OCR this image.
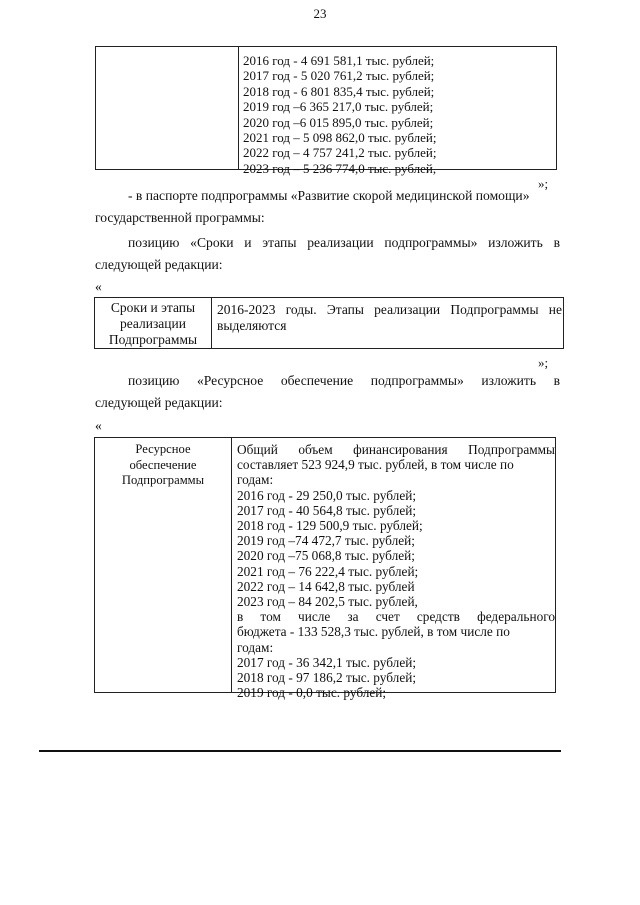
23
2016 год - 4 691 581,1 тыс. рублей;
2017 год - 5 020 761,2 тыс. рублей;
2018 год - 6 801 835,4 тыс. рублей;
2019 год –6 365 217,0 тыс. рублей;
2020 год –6 015 895,0 тыс. рублей;
2021 год – 5 098 862,0 тыс. рублей;
2022 год – 4 757 241,2 тыс. рублей;
2023 год – 5 236 774,0 тыс. рублей,
»;
- в паспорте подпрограммы «Развитие скорой медицинской помощи»
государственной программы:
позицию «Сроки и этапы реализации подпрограммы» изложить в
следующей редакции:
«
Сроки и этапы
реализации
Подпрограммы
2016-2023 годы. Этапы реализации Подпрограммы не
выделяются
»;
позицию «Ресурсное обеспечение подпрограммы» изложить в
следующей редакции:
«
Ресурсное
обеспечение
Подпрограммы
Общий объем финансирования Подпрограммы
составляет 523 924,9 тыс. рублей, в том числе по
годам:
2016 год - 29 250,0 тыс. рублей;
2017 год - 40 564,8 тыс. рублей;
2018 год - 129 500,9 тыс. рублей;
2019 год –74 472,7 тыс. рублей;
2020 год –75 068,8 тыс. рублей;
2021 год – 76 222,4 тыс. рублей;
2022 год – 14 642,8 тыс. рублей
2023 год – 84 202,5 тыс. рублей,
в том числе за счет средств федерального
бюджета - 133 528,3 тыс. рублей, в том числе по
годам:
2017 год - 36 342,1 тыс. рублей;
2018 год - 97 186,2 тыс. рублей;
2019 год - 0,0 тыс. рублей;
